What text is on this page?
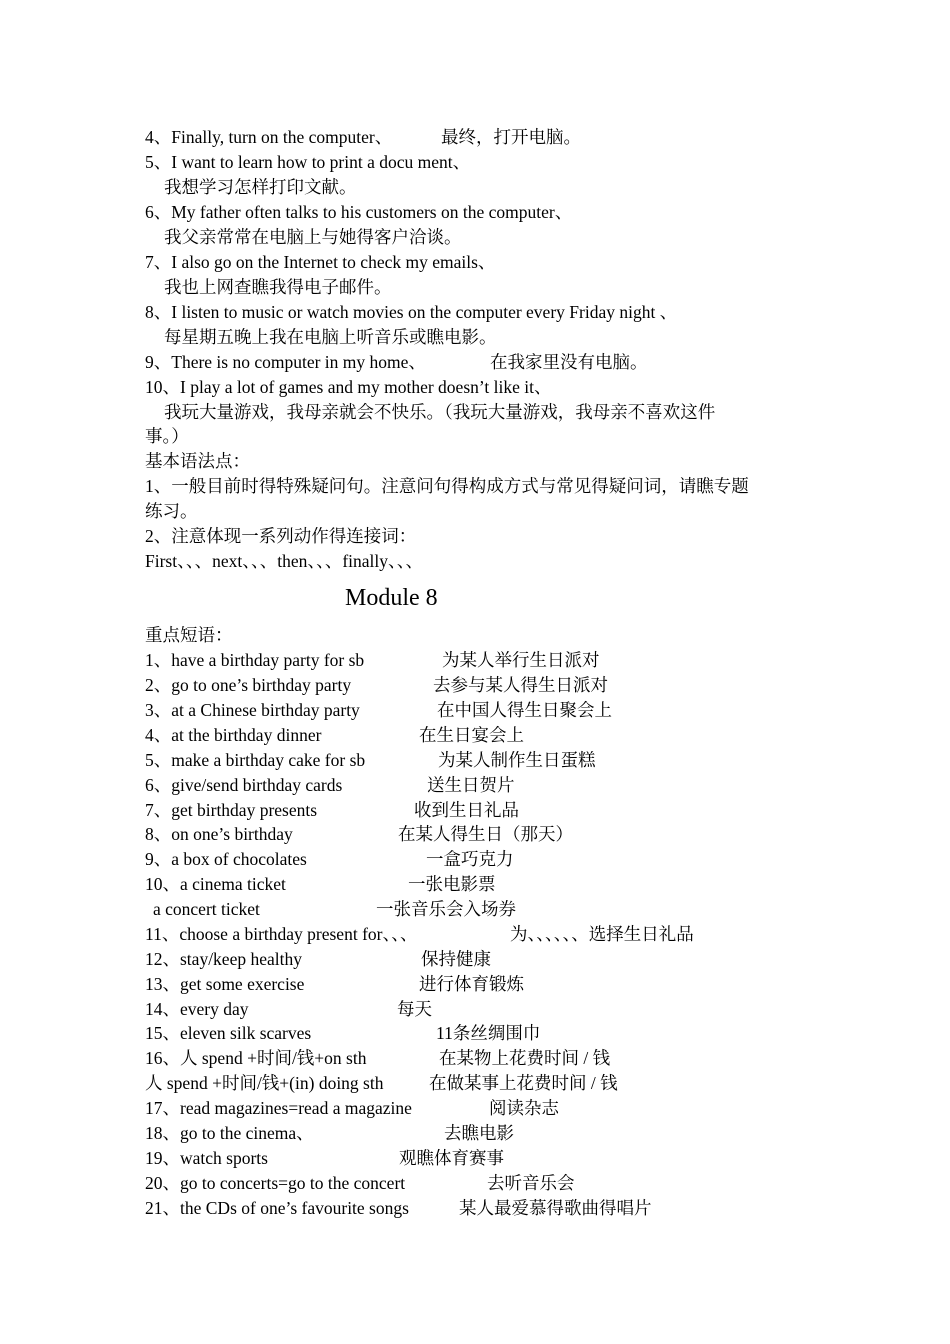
4、Finally, turn on the computer、	最终，打开电脑。
5、I want to learn how to print a docu ment、
我想学习怎样打印文献。
6、My father often talks to his customers on the computer、
我父亲常常在电脑上与她得客户洽谈。
7、I also go on the Internet to check my emails、
我也上网查瞧我得电子邮件。
8、I listen to music or watch movies on the computer every Friday night 、
每星期五晚上我在电脑上听音乐或瞧电影。
9、There is no computer in my home、	在我家里没有电脑。
10、I play a lot of games and my mother doesn’t like it、
我玩大量游戏，我母亲就会不快乐。（我玩大量游戏，我母亲不喜欢这件
事。）
基本语法点：
1、一般目前时得特殊疑问句。注意问句得构成方式与常见得疑问词，请瞧专题
练习。
2、注意体现一系列动作得连接词：
First、、、next、、、then、、、finally、、、
Module 8
重点短语：
1、have a birthday party for sb	为某人举行生日派对
2、go to one’s birthday party	去参与某人得生日派对
3、at a Chinese birthday party	在中国人得生日聚会上
4、at the birthday dinner	在生日宴会上
5、make a birthday cake for sb	为某人制作生日蛋糕
6、give/send birthday cards	送生日贺片
7、get birthday presents	收到生日礼品
8、on one’s birthday	在某人得生日（那天）
9、a box of chocolates	一盒巧克力
10、a cinema ticket	一张电影票
a concert ticket	一张音乐会入场券
11、choose a birthday present for、、、	为、、、、、、选择生日礼品
12、stay/keep healthy	保持健康
13、get some exercise	进行体育锻炼
14、every day	每天
15、eleven silk scarves	11条丝绸围巾
16、人 spend +时间/钱+on sth	在某物上花费时间 / 钱
人 spend +时间/钱+(in) doing sth	在做某事上花费时间 / 钱
17、read magazines=read a magazine	阅读杂志
18、go to the cinema、	去瞧电影
19、watch sports	观瞧体育赛事
20、go to concerts=go to the concert	去听音乐会
21、the CDs of one’s favourite songs	某人最爱慕得歌曲得唱片
